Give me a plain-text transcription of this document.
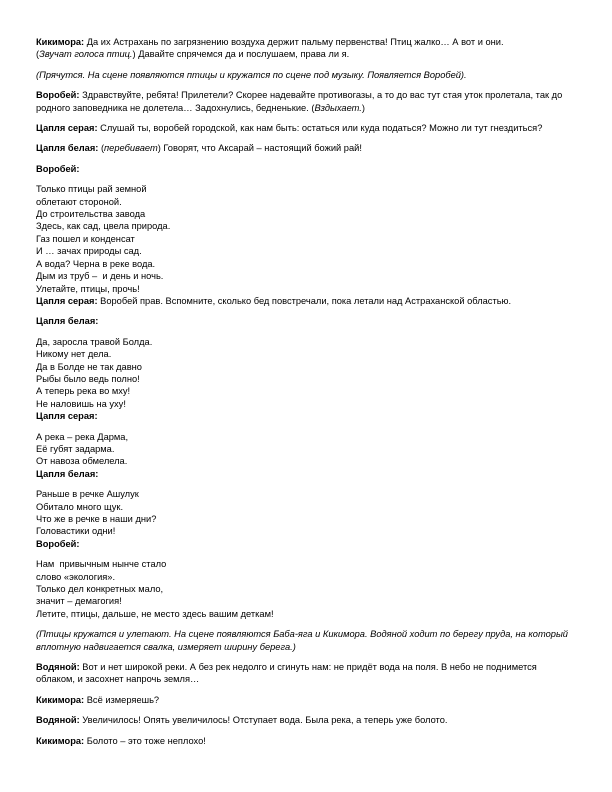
Кикимора: Да их Астрахань по загрязнению воздуха держит пальму первенства! Птиц жалко… А вот и они.
(Звучат голоса птиц.) Давайте спрячемся да и послушаем, права ли я.

(Прячутся. На сцене появляются птицы и кружатся по сцене под музыку. Появляется Воробей).

Воробей: Здравствуйте, ребята! Прилетели? Скорее надевайте противогазы, а то до вас тут стая уток пролетала, так до родного заповедника не долетела… Задохнулись, бедненькие. (Вздыхает.)

Цапля серая: Слушай ты, воробей городской, как нам быть: остаться или куда податься? Можно ли тут гнездиться?

Цапля белая: (перебивает) Говорят, что Аксарай – настоящий божий рай!

Воробей:

Только птицы рай земной
облетают стороной.
До строительства завода
Здесь, как сад, цвела природа.
Газ пошел и конденсат
И … зачах природы сад.
А вода? Черна в реке вода.
Дым из труб –  и день и ночь.
Улетайте, птицы, прочь!

Цапля серая: Воробей прав. Вспомните, сколько бед повстречали, пока летали над Астраханской областью.

Цапля белая:

Да, заросла травой Болда.
Никому нет дела.
Да в Болде не так давно
Рыбы было ведь полно!
А теперь река во мху!
Не наловишь на уху!

Цапля серая:

А река – река Дарма,
Её губят задарма.
От навоза обмелела.

Цапля белая:

Раньше в речке Ашулук
Обитало много щук.
Что же в речке в наши дни?
Головастики одни!

Воробей:

Нам  привычным нынче стало
слово «экология».
Только дел конкретных мало,
значит – демагогия!
Летите, птицы, дальше, не место здесь вашим деткам!

(Птицы кружатся и улетают. На сцене появляются Баба-яга и Кикимора. Водяной ходит по берегу пруда, на который вплотную надвигается свалка, измеряет ширину берега.)

Водяной: Вот и нет широкой реки. А без рек недолго и сгинуть нам: не придёт вода на поля. В небо не поднимется облаком, и засохнет напрочь земля…

Кикимора: Всё измеряешь?

Водяной: Увеличилось! Опять увеличилось! Отступает вода. Была река, а теперь уже болото.

Кикимора: Болото – это тоже неплохо!
